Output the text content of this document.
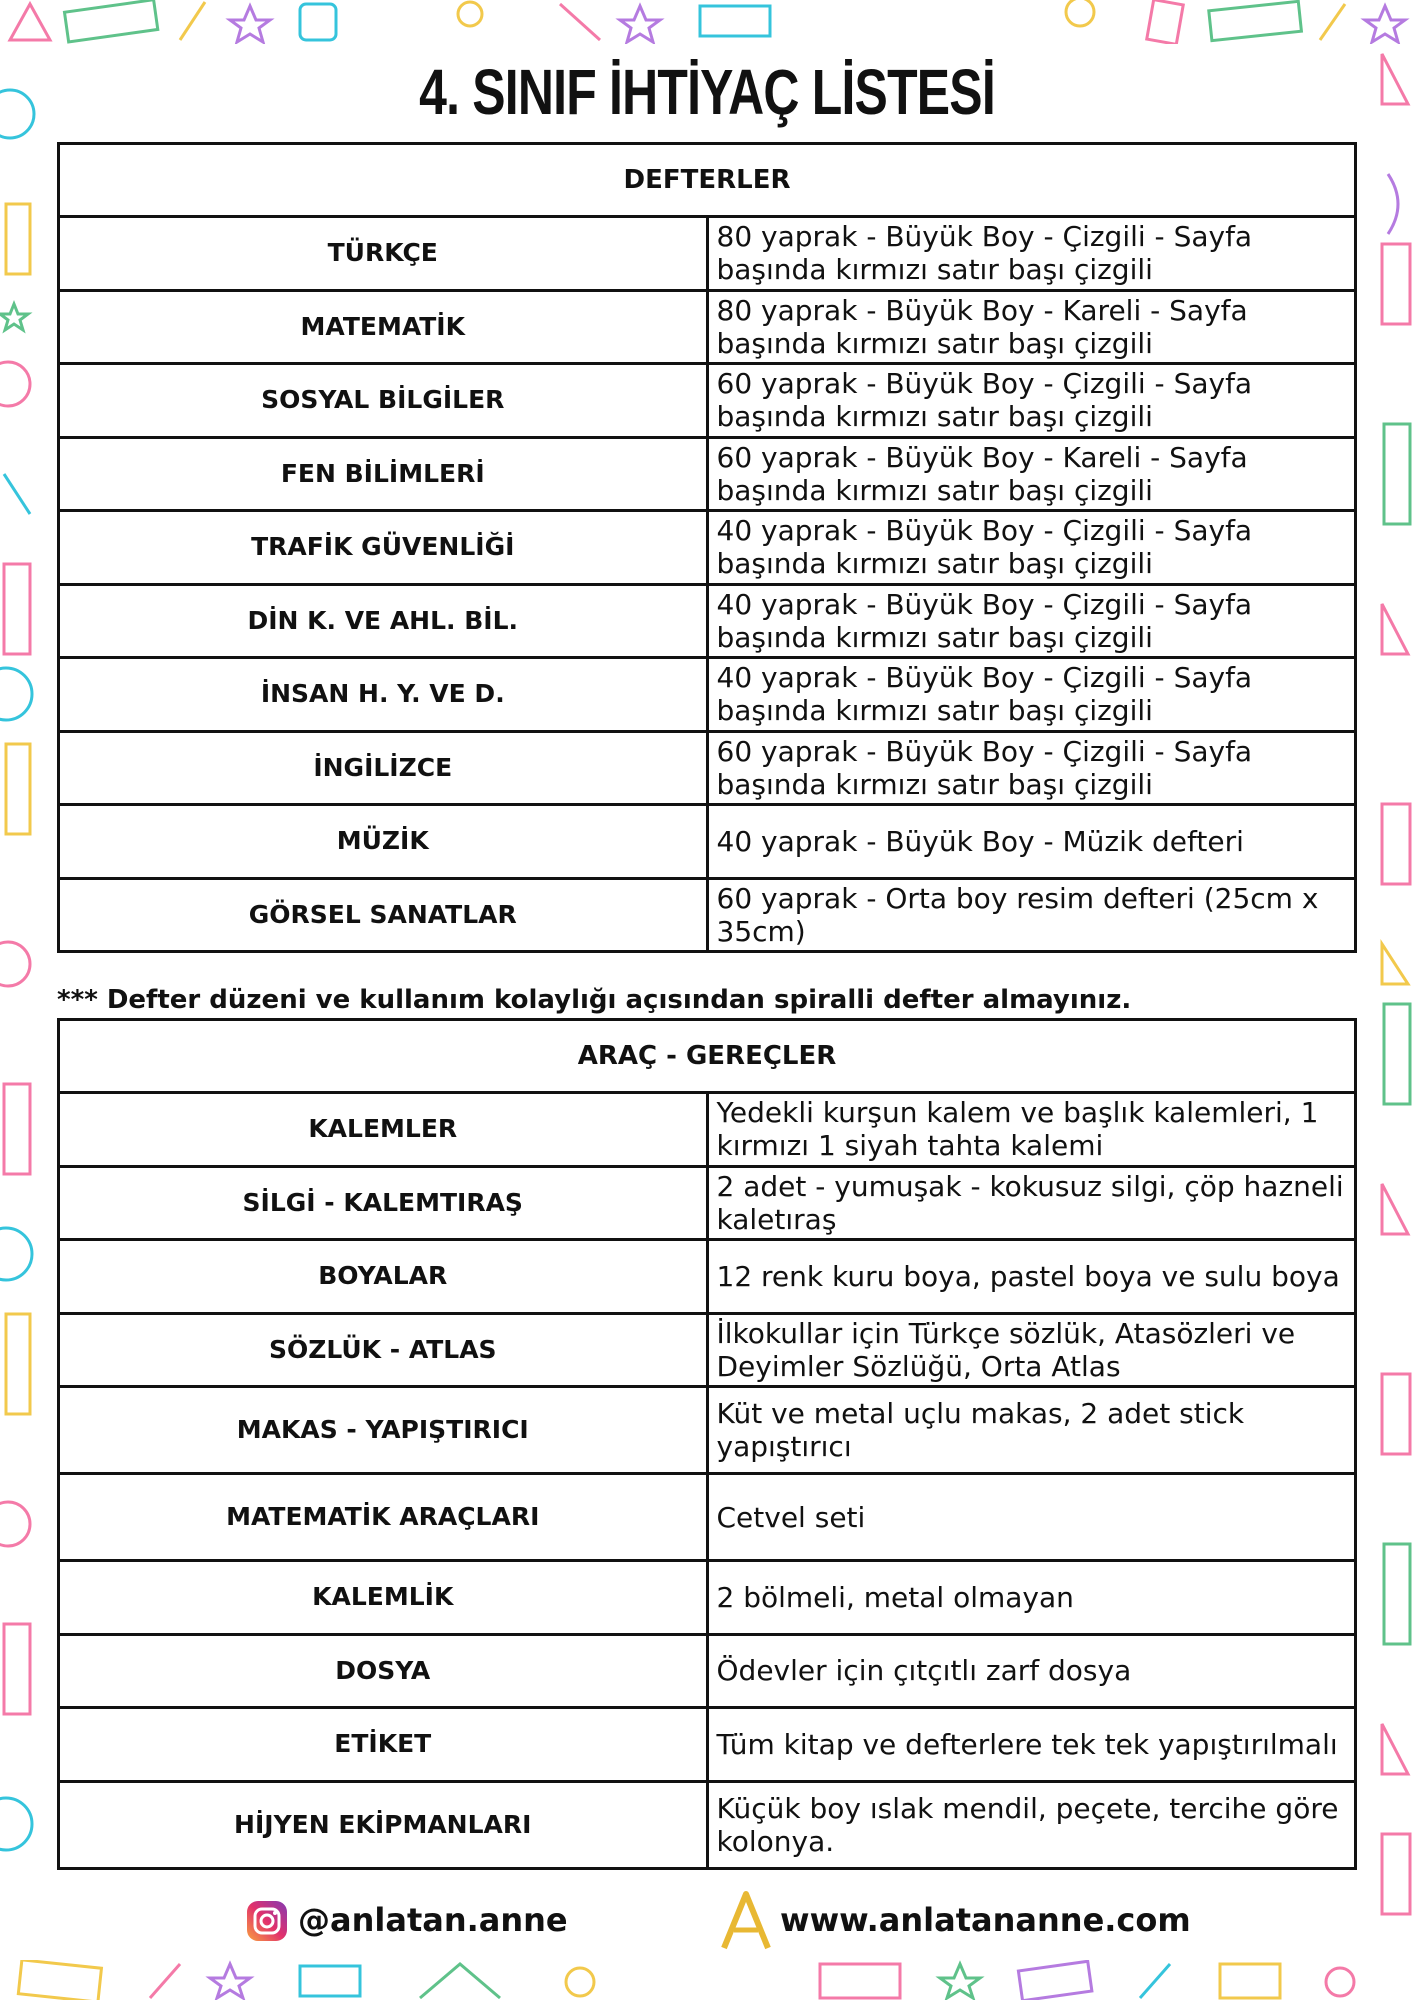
4. SINIF İHTİYAÇ LİSTESİ
DEFTERLER	
TÜRKÇE	80 yaprak - Büyük Boy - Çizgili - Sayfa başında kırmızı satır başı çizgili
MATEMATİK	80 yaprak - Büyük Boy - Kareli - Sayfa başında kırmızı satır başı çizgili
SOSYAL BİLGİLER	60 yaprak - Büyük Boy - Çizgili - Sayfa başında kırmızı satır başı çizgili
FEN BİLİMLERİ	60 yaprak - Büyük Boy - Kareli - Sayfa başında kırmızı satır başı çizgili
TRAFİK GÜVENLİĞİ	40 yaprak - Büyük Boy - Çizgili - Sayfa başında kırmızı satır başı çizgili
DİN K. VE AHL. BİL.	40 yaprak - Büyük Boy - Çizgili - Sayfa başında kırmızı satır başı çizgili
İNSAN H. Y. VE D.	40 yaprak - Büyük Boy - Çizgili - Sayfa başında kırmızı satır başı çizgili
İNGİLİZCE	60 yaprak - Büyük Boy - Çizgili - Sayfa başında kırmızı satır başı çizgili
MÜZİK	40 yaprak - Büyük Boy - Müzik defteri
GÖRSEL SANATLAR	60 yaprak - Orta boy resim defteri (25cm x 35cm)
*** Defter düzeni ve kullanım kolaylığı açısından spiralli defter almayınız.
ARAÇ - GEREÇLER	
KALEMLER	Yedekli kurşun kalem ve başlık kalemleri, 1 kırmızı 1 siyah tahta kalemi
SİLGİ - KALEMTIRAŞ	2 adet - yumuşak - kokusuz silgi, çöp hazneli kaletıraş
BOYALAR	12 renk kuru boya, pastel boya ve sulu boya
SÖZLÜK - ATLAS	İlkokullar için Türkçe sözlük, Atasözleri ve Deyimler Sözlüğü, Orta Atlas
MAKAS - YAPIŞTIRICI	Küt ve metal uçlu makas, 2 adet stick yapıştırıcı
MATEMATİK ARAÇLARI	Cetvel seti
KALEMLİK	2 bölmeli, metal olmayan
DOSYA	Ödevler için çıtçıtlı zarf dosya
ETİKET	Tüm kitap ve defterlere tek tek yapıştırılmalı
HİJYEN EKİPMANLARI	Küçük boy ıslak mendil, peçete, tercihe göre kolonya.
@anlatan.anne	www.anlatananne.com
